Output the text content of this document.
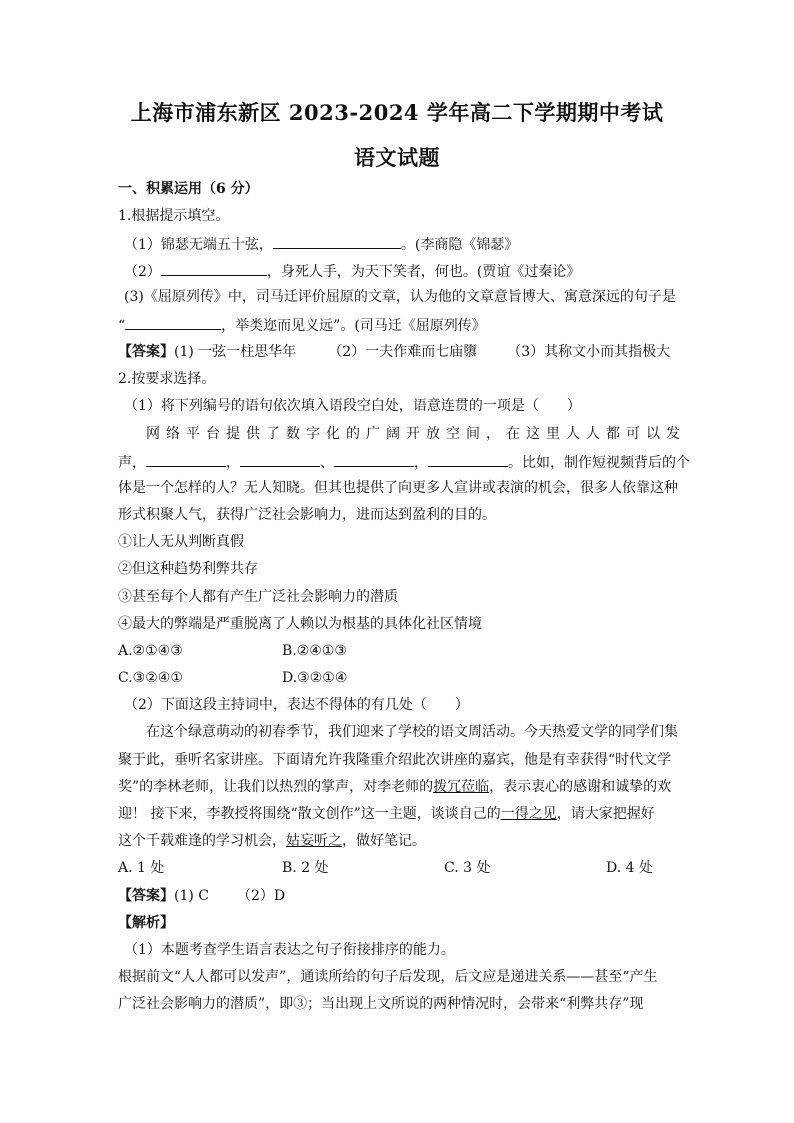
上海市浦东新区 2023-2024 学年高二下学期期中考试
语文试题
一、积累运用（6 分）
1.根据提示填空。
（1）锦瑟无端五十弦，	。(李商隐《锦瑟》
（2）	，身死人手，为天下笑者，何也。(贾谊《过秦论》
(3)《屈原列传》中，司马迁评价屈原的文章，认为他的文章意旨博大、寓意深远的句子是
“	，举类迩而见义远”。(司马迁《屈原列传》
【答案】(1) 一弦一柱思华年 （2）一夫作难而七庙隳 （3）其称文小而其指极大
2.按要求选择。
（1）将下列编号的语句依次填入语段空白处，语意连贯的一项是（　　）
网络平台提供了数字化的广阔开放空间，在这里人人都可以发
声，	，	、	，	。比如，制作短视频背后的个
体是一个怎样的人？无人知晓。但其也提供了向更多人宣讲或表演的机会，很多人依靠这种
形式积聚人气，获得广泛社会影响力，进而达到盈利的目的。
①让人无从判断真假
②但这种趋势利弊共存
③甚至每个人都有产生广泛社会影响力的潜质
④最大的弊端是严重脱离了人赖以为根基的具体化社区情境
A.②①④③	B.②④①③
C.③②④①	D.③②①④
（2）下面这段主持词中，表达不得体的有几处（　　）
在这个绿意萌动的初春季节，我们迎来了学校的语文周活动。今天热爱文学的同学们集
聚于此，垂听名家讲座。下面请允许我隆重介绍此次讲座的嘉宾，他是有幸获得“时代文学
奖”的李林老师，让我们以热烈的掌声，对李老师的拨冗莅临，表示衷心的感谢和诚挚的欢
迎！ 接下来，李教授将围绕“散文创作”这一主题，谈谈自己的一得之见，请大家把握好
这个千载难逢的学习机会，姑妄听之，做好笔记。
A. 1 处	B. 2 处	C. 3 处	D. 4 处
【答案】(1) C （2）D
【解析】
（1）本题考查学生语言表达之句子衔接排序的能力。
根据前文“人人都可以发声”，通读所给的句子后发现，后文应是递进关系——甚至“产生
广泛社会影响力的潜质”，即③；当出现上文所说的两种情况时，会带来“利弊共存”现
